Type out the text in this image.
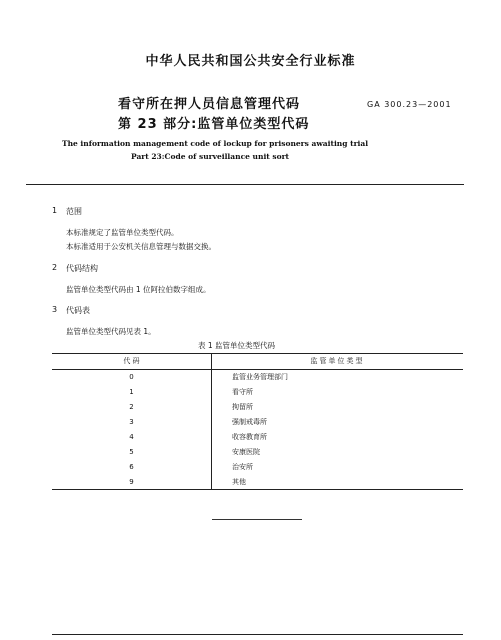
中华人民共和国公共安全行业标准
看守所在押人员信息管理代码
第 23 部分:监管单位类型代码
GA 300.23—2001
The information management code of lockup for prisoners awaiting trial
Part 23:Code of surveillance unit sort
1 范围
本标准规定了监管单位类型代码。
本标准适用于公安机关信息管理与数据交换。
2 代码结构
监管单位类型代码由 1 位阿拉伯数字组成。
3 代码表
监管单位类型代码见表 1。
表 1 监管单位类型代码
代 码	监管单位类型
0	监管业务管理部门
1	看守所
2	拘留所
3	强制戒毒所
4	收容教育所
5	安康医院
6	治安所
9	其他
